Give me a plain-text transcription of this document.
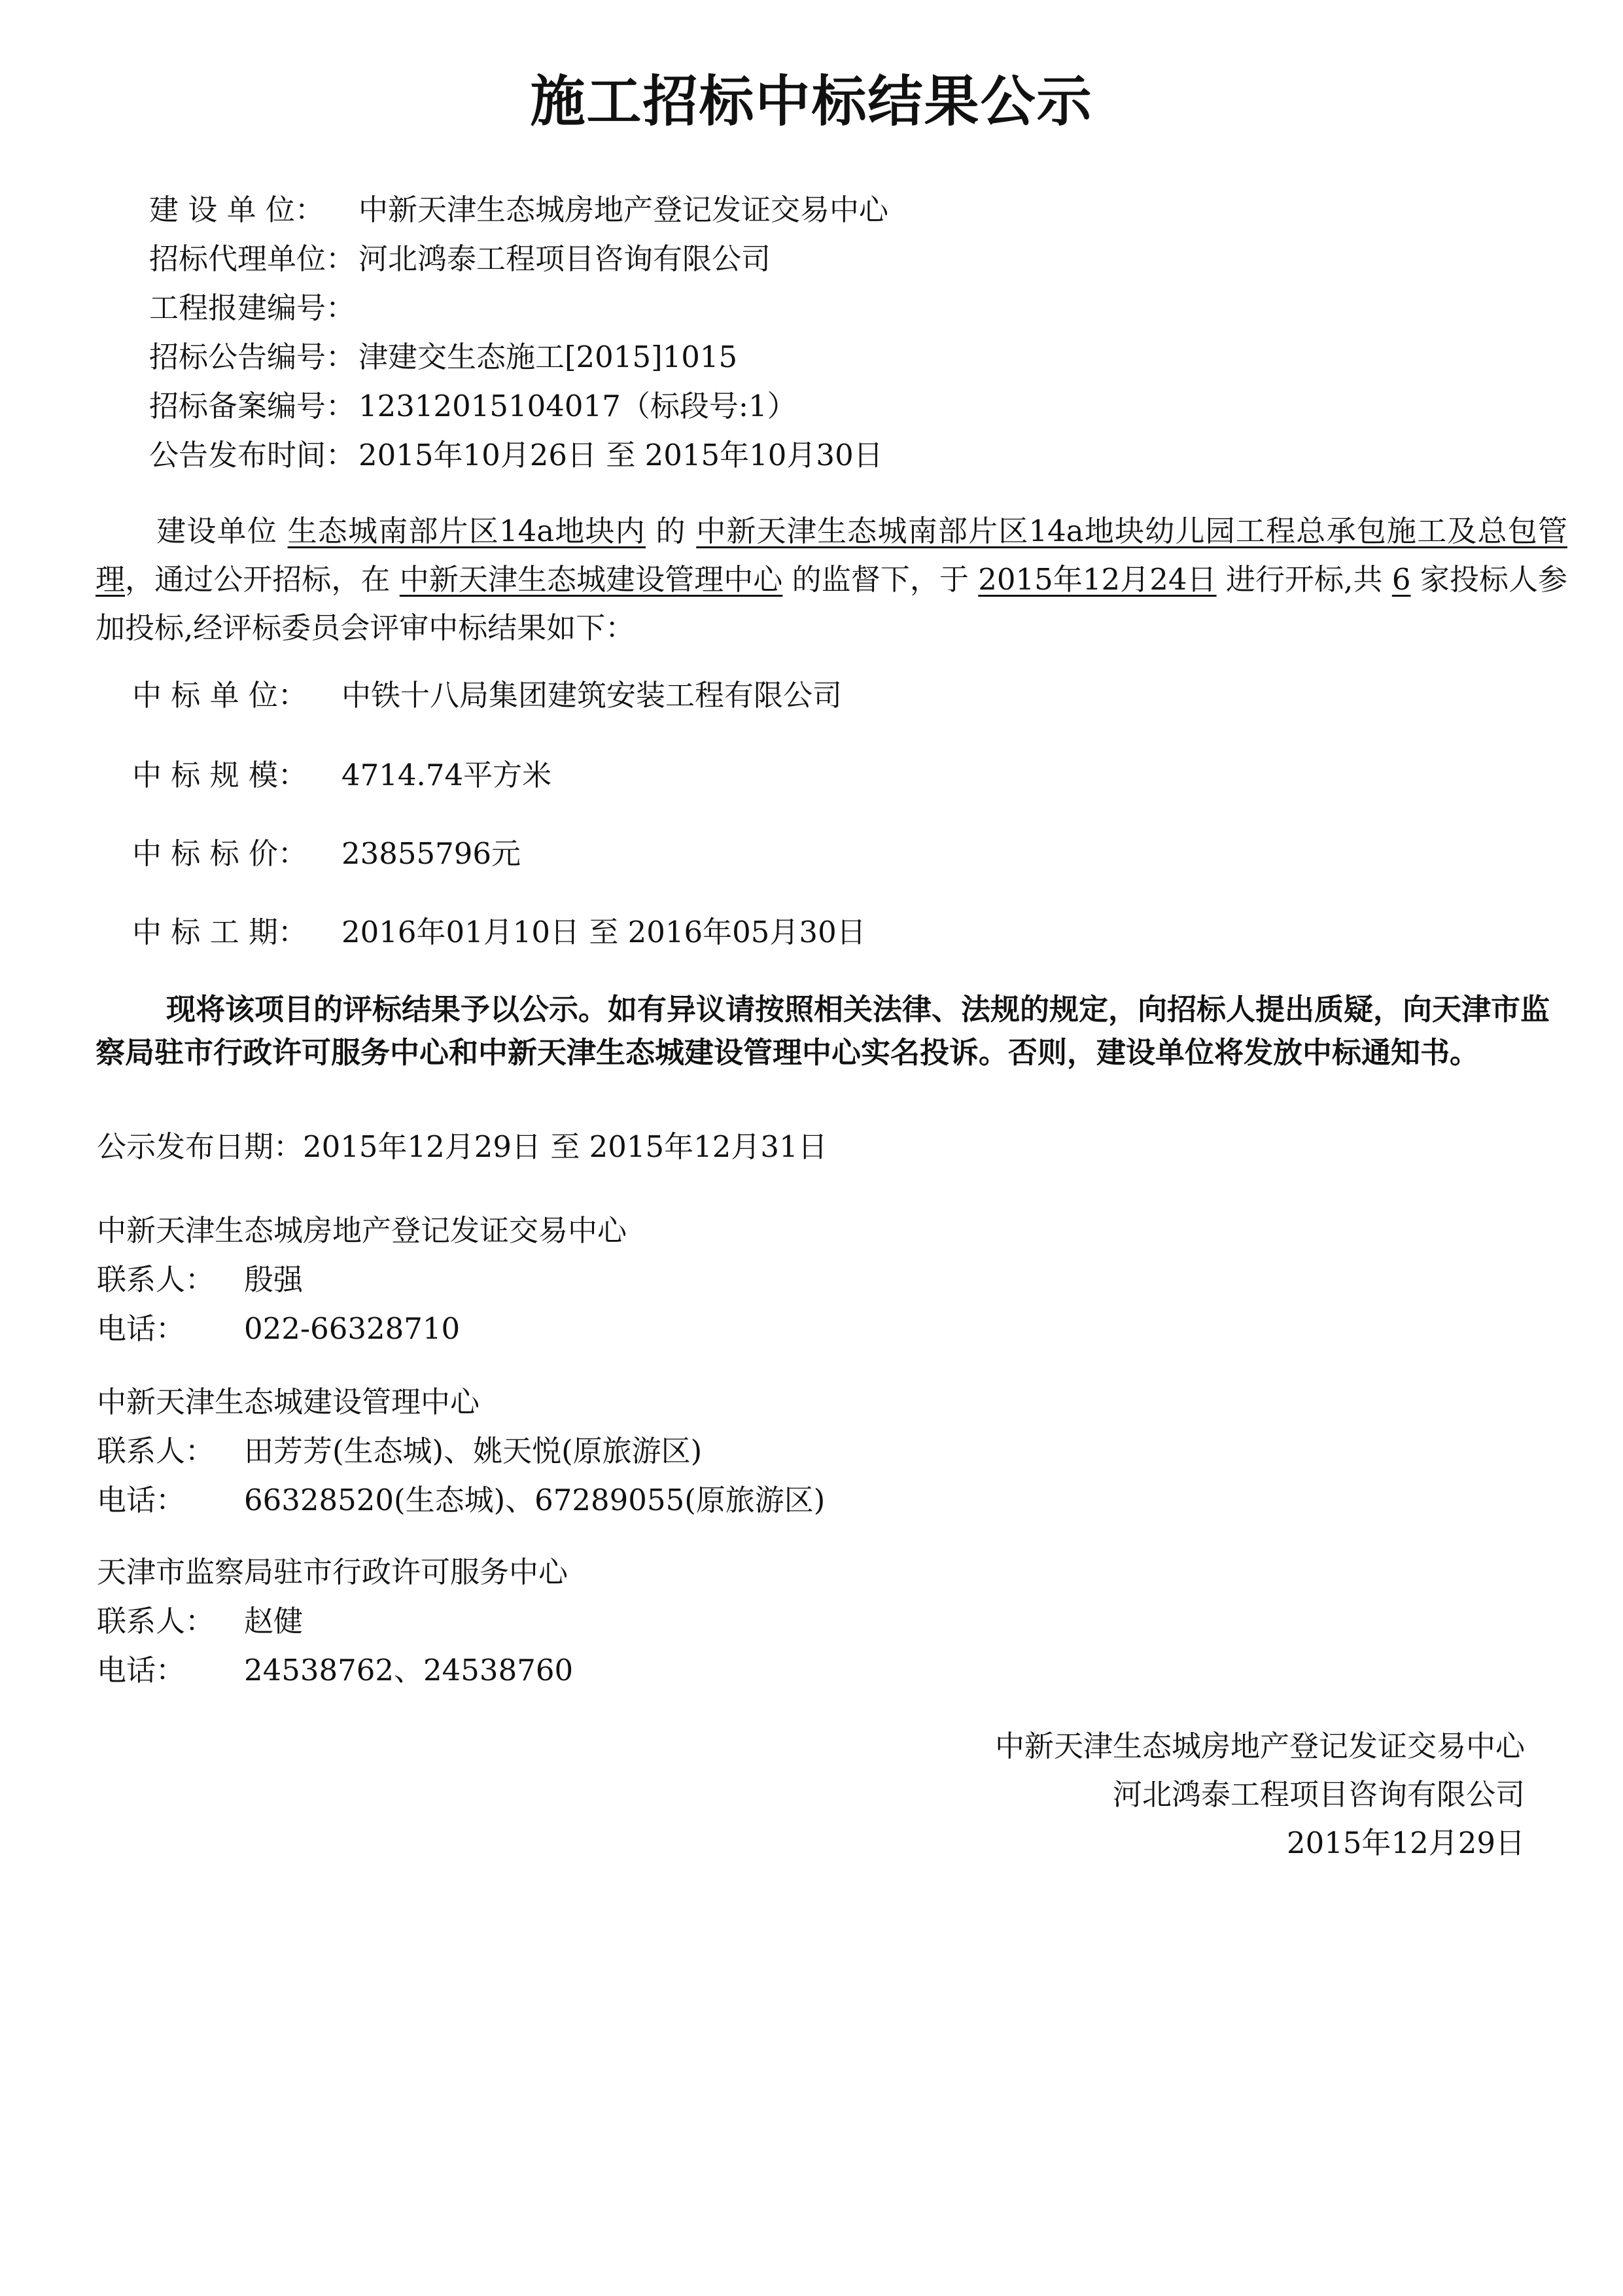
施工招标中标结果公示
建 设 单 位： 中新天津生态城房地产登记发证交易中心
招标代理单位： 河北鸿泰工程项目咨询有限公司
工程报建编号：
招标公告编号： 津建交生态施工[2015]1015
招标备案编号： 12312015104017（标段号:1）
公告发布时间： 2015年10月26日 至 2015年10月30日
建设单位 生态城南部片区14a地块内 的 中新天津生态城南部片区14a地块幼儿园工程总承包施工及总包管理，通过公开招标，在 中新天津生态城建设管理中心 的监督下，于 2015年12月24日 进行开标,共 6 家投标人参加投标,经评标委员会评审中标结果如下：
中 标 单 位： 中铁十八局集团建筑安装工程有限公司
中 标 规 模： 4714.74平方米
中 标 标 价： 23855796元
中 标 工 期： 2016年01月10日 至 2016年05月30日
现将该项目的评标结果予以公示。如有异议请按照相关法律、法规的规定，向招标人提出质疑，向天津市监察局驻市行政许可服务中心和中新天津生态城建设管理中心实名投诉。否则，建设单位将发放中标通知书。
公示发布日期：2015年12月29日 至 2015年12月31日
中新天津生态城房地产登记发证交易中心
联系人： 殷强
电话： 022-66328710
中新天津生态城建设管理中心
联系人： 田芳芳(生态城)、姚天悦(原旅游区)
电话： 66328520(生态城)、67289055(原旅游区)
天津市监察局驻市行政许可服务中心
联系人： 赵健
电话： 24538762、24538760
中新天津生态城房地产登记发证交易中心
河北鸿泰工程项目咨询有限公司
2015年12月29日
